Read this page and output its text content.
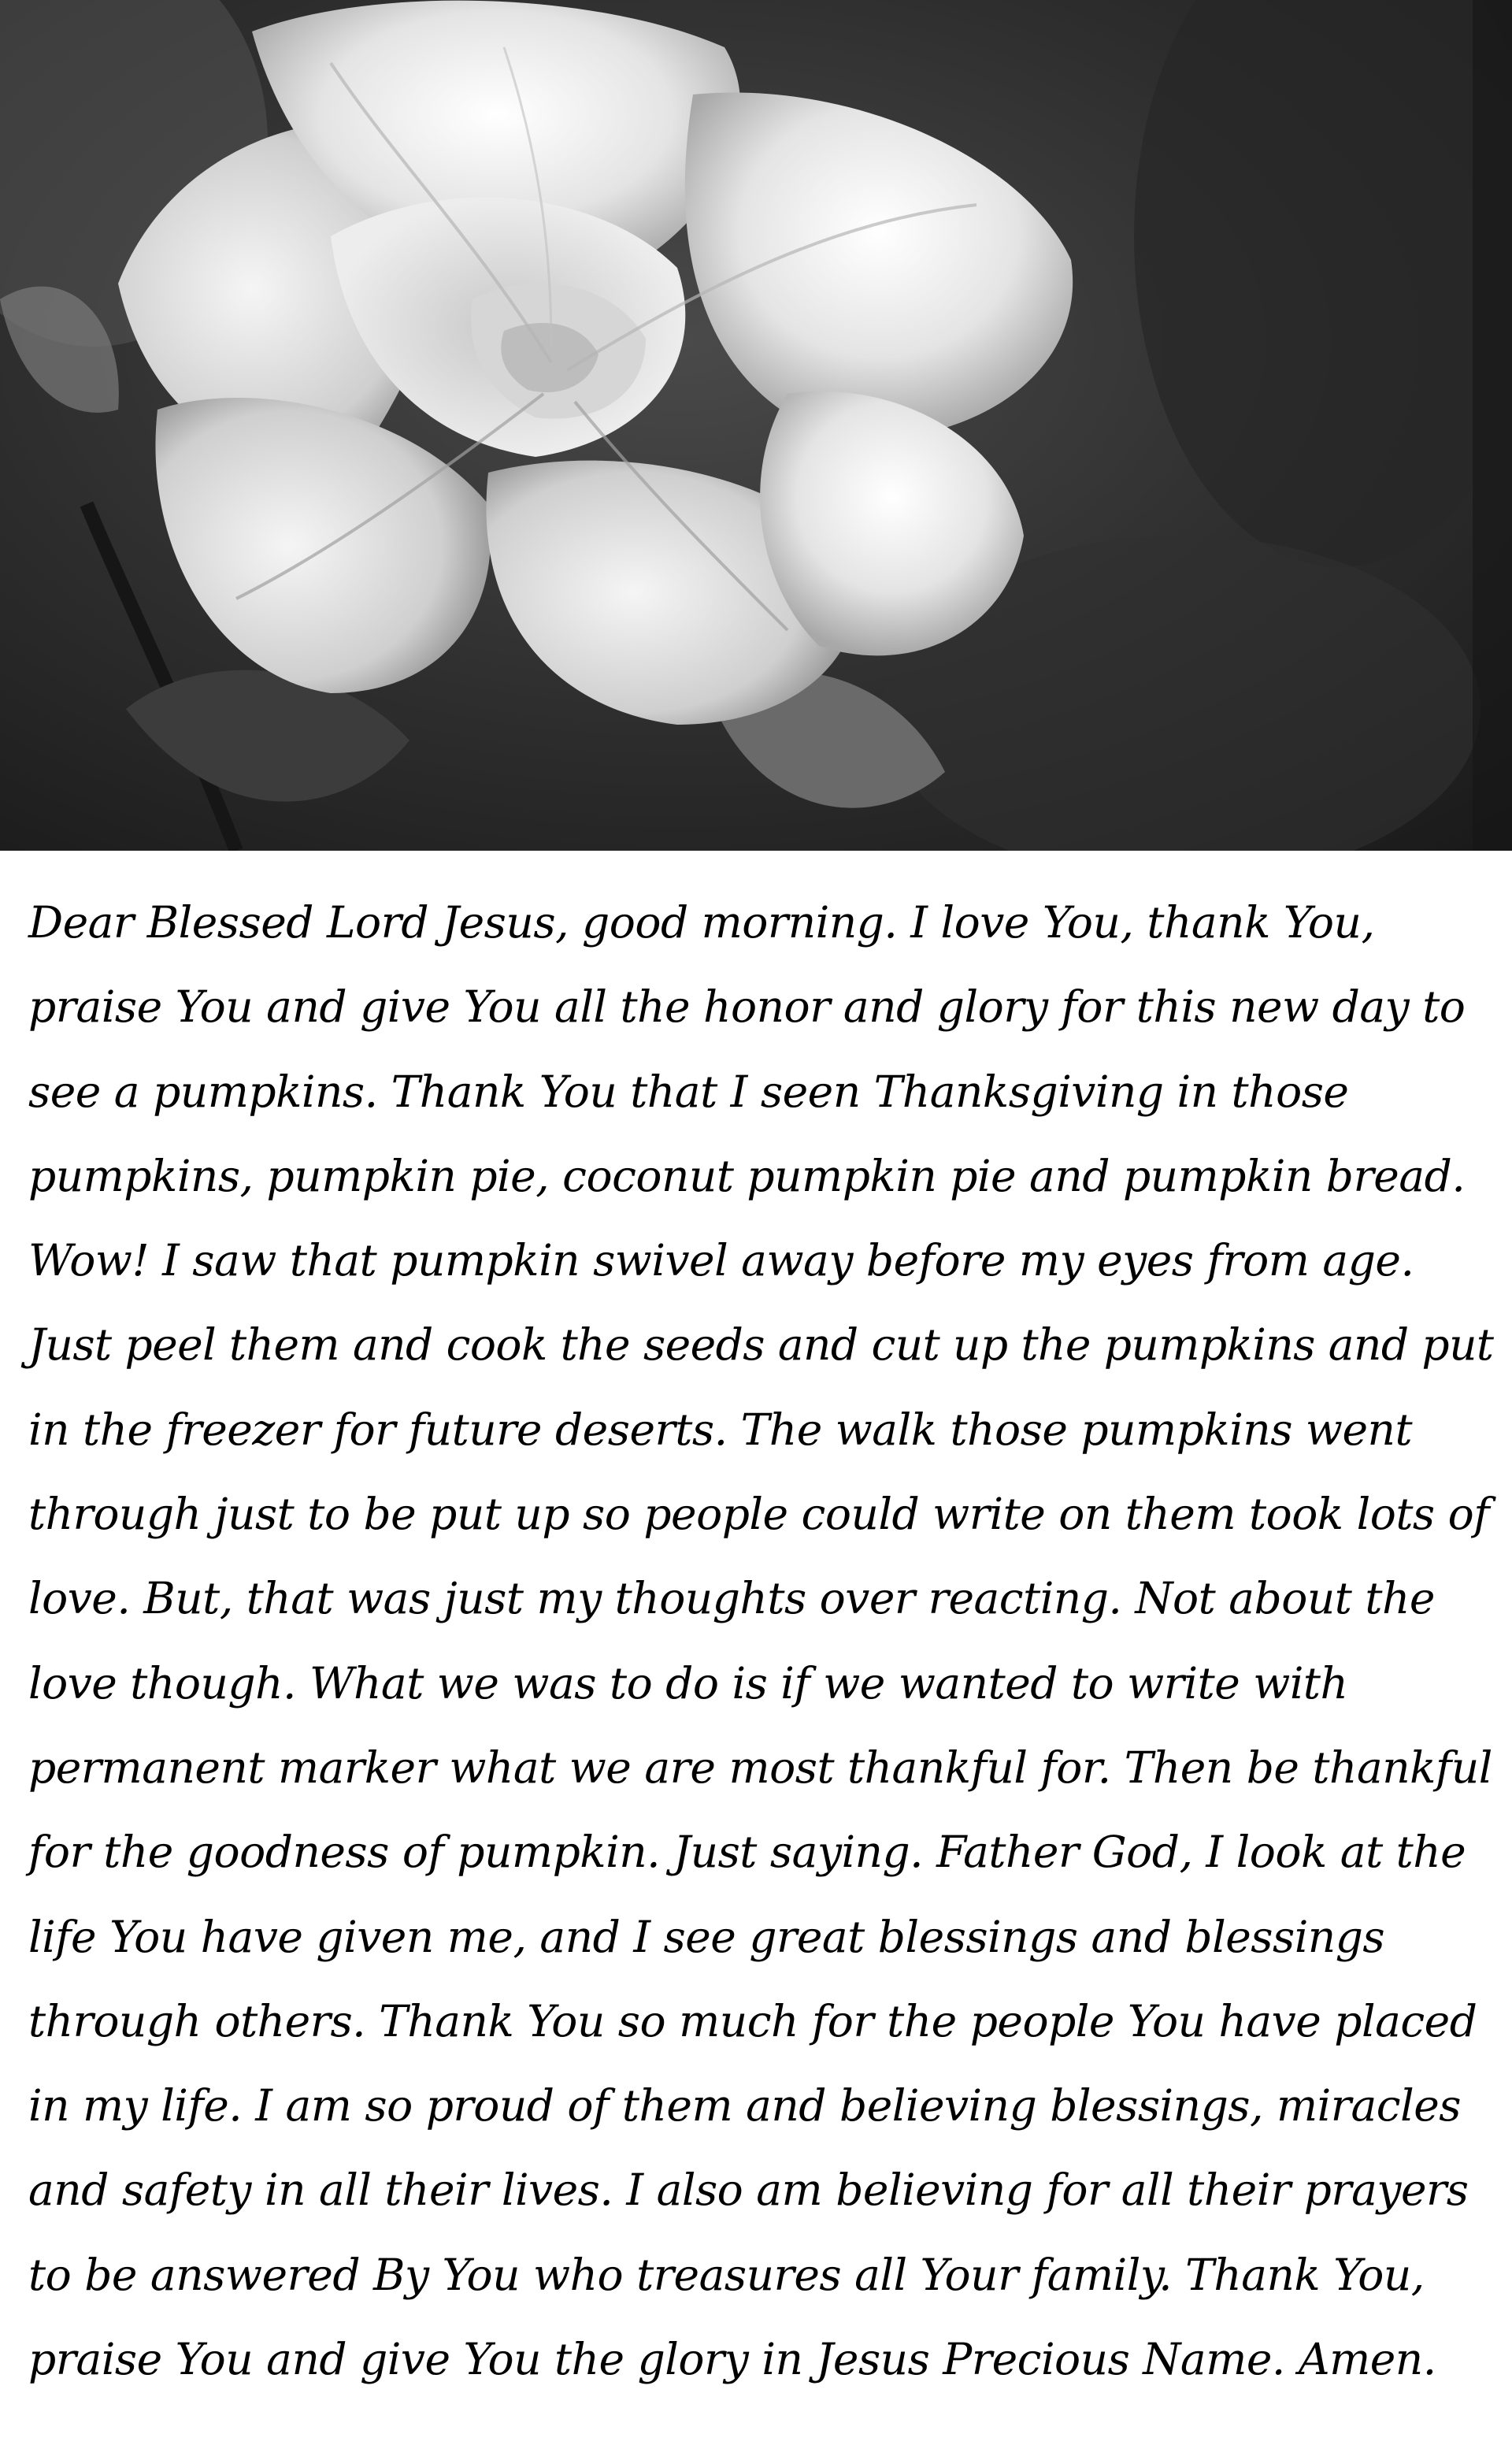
Dear Blessed Lord Jesus, good morning. I love You, thank You,
praise You and give You all the honor and glory for this new day to
see a pumpkins. Thank You that I seen Thanksgiving in those
pumpkins, pumpkin pie, coconut pumpkin pie and pumpkin bread.
Wow! I saw that pumpkin swivel away before my eyes from age.
Just peel them and cook the seeds and cut up the pumpkins and put
in the freezer for future deserts. The walk those pumpkins went
through just to be put up so people could write on them took lots of
love. But, that was just my thoughts over reacting. Not about the
love though. What we was to do is if we wanted to write with
permanent marker what we are most thankful for. Then be thankful
for the goodness of pumpkin. Just saying. Father God, I look at the
life You have given me, and I see great blessings and blessings
through others. Thank You so much for the people You have placed
in my life. I am so proud of them and believing blessings, miracles
and safety in all their lives. I also am believing for all their prayers
to be answered By You who treasures all Your family. Thank You,
praise You and give You the glory in Jesus Precious Name. Amen.
